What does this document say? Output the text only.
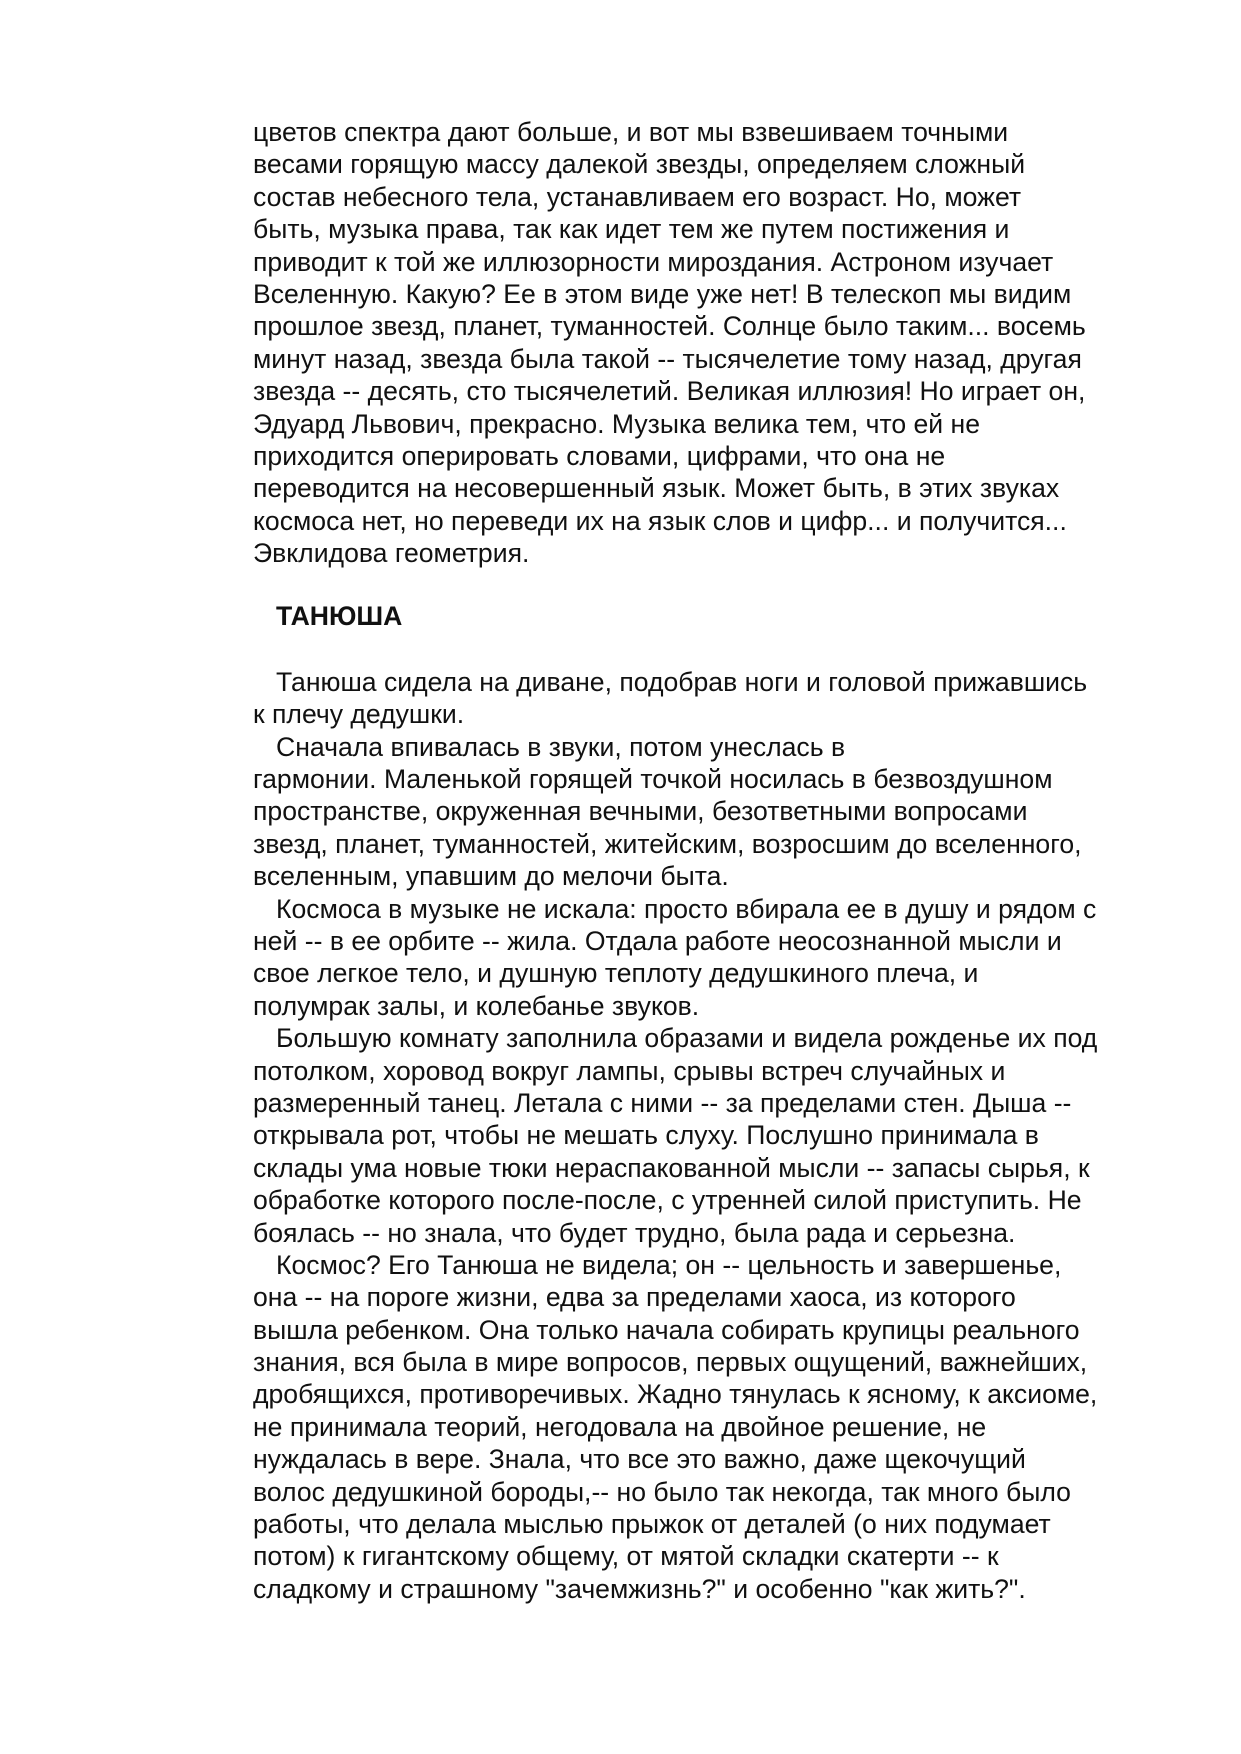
цветов спектра дают больше, и вот мы взвешиваем точными
весами горящую массу далекой звезды, определяем сложный
состав небесного тела, устанавливаем его возраст. Но, может
быть, музыка права, так как идет тем же путем постижения и
приводит к той же иллюзорности мироздания. Астроном изучает
Вселенную. Какую? Ее в этом виде уже нет! В телескоп мы видим
прошлое звезд, планет, туманностей. Солнце было таким... восемь
минут назад, звезда была такой -- тысячелетие тому назад, другая
звезда -- десять, сто тысячелетий. Великая иллюзия! Но играет он,
Эдуард Львович, прекрасно. Музыка велика тем, что ей не
приходится оперировать словами, цифрами, что она не
переводится на несовершенный язык. Может быть, в этих звуках
космоса нет, но переведи их на язык слов и цифр... и получится...
Эвклидова геометрия.
ТАНЮША
Танюша сидела на диване, подобрав ноги и головой прижавшись
к плечу дедушки.
Сначала впивалась в звуки, потом унеслась в
гармонии. Маленькой горящей точкой носилась в безвоздушном
пространстве, окруженная вечными, безответными вопросами
звезд, планет, туманностей, житейским, возросшим до вселенного,
вселенным, упавшим до мелочи быта.
Космоса в музыке не искала: просто вбирала ее в душу и рядом с
ней -- в ее орбите -- жила. Отдала работе неосознанной мысли и
свое легкое тело, и душную теплоту дедушкиного плеча, и
полумрак залы, и колебанье звуков.
Большую комнату заполнила образами и видела рожденье их под
потолком, хоровод вокруг лампы, срывы встреч случайных и
размеренный танец. Летала с ними -- за пределами стен. Дыша --
открывала рот, чтобы не мешать слуху. Послушно принимала в
склады ума новые тюки нераспакованной мысли -- запасы сырья, к
обработке которого после-после, с утренней силой приступить. Не
боялась -- но знала, что будет трудно, была рада и серьезна.
Космос? Его Танюша не видела; он -- цельность и завершенье,
она -- на пороге жизни, едва за пределами хаоса, из которого
вышла ребенком. Она только начала собирать крупицы реального
знания, вся была в мире вопросов, первых ощущений, важнейших,
дробящихся, противоречивых. Жадно тянулась к ясному, к аксиоме,
не принимала теорий, негодовала на двойное решение, не
нуждалась в вере. Знала, что все это важно, даже щекочущий
волос дедушкиной бороды,-- но было так некогда, так много было
работы, что делала мыслью прыжок от деталей (о них подумает
потом) к гигантскому общему, от мятой складки скатерти -- к
сладкому и страшному "зачемжизнь?" и особенно "как жить?".
